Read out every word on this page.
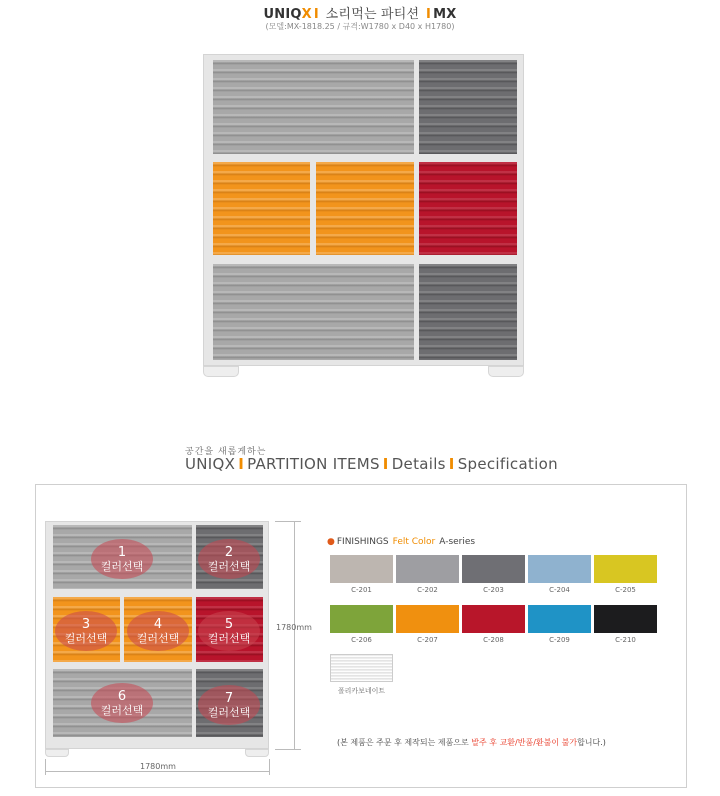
UNIQX I 소리먹는 파티션 I MX
(모델:MX-1818.25 / 규격:W1780 x D40 x H1780)
공간을 새롭게하는
UNIQX I PARTITION ITEMS I Details I Specification
1
컬러선택
2
컬러선택
3
컬러선택
4
컬러선택
5
컬러선택
6
컬러선택
7
컬러선택
1780mm
1780mm
● FINISHINGS Felt Color A-series
C-201	C-202	C-203	C-204	C-205
C-206	C-207	C-208	C-209	C-210
폴리카보네이트
(본 제품은 주문 후 제작되는 제품으로 발주 후 교환/반품/환불이 불가합니다.)
